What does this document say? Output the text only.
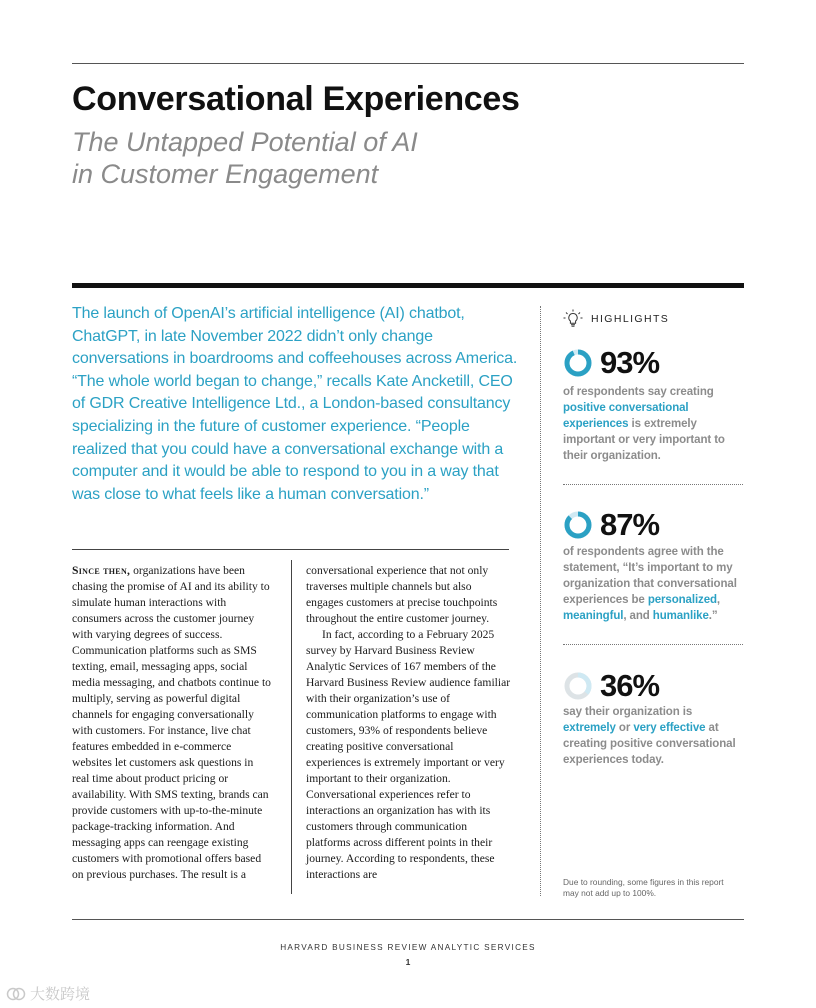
Conversational Experiences
The Untapped Potential of AI
in Customer Engagement
The launch of OpenAI’s artificial intelligence (AI) chatbot, ChatGPT, in late November 2022 didn’t only change conversations in boardrooms and coffeehouses across America. “The whole world began to change,” recalls Kate Ancketill, CEO of GDR Creative Intelligence Ltd., a London-based consultancy specializing in the future of customer experience. “People realized that you could have a conversational exchange with a computer and it would be able to respond to you in a way that was close to what feels like a human conversation.”
Since then, organizations have been chasing the promise of AI and its ability to simulate human interactions with consumers across the customer journey with varying degrees of success. Communication platforms such as SMS texting, email, messaging apps, social media messaging, and chatbots continue to multiply, serving as powerful digital channels for engaging conversationally with customers. For instance, live chat features embedded in e-commerce websites let customers ask questions in real time about product pricing or availability. With SMS texting, brands can provide customers with up-to-the-minute package-tracking information. And messaging apps can reengage existing customers with promotional offers based on previous purchases. The result is a
conversational experience that not only traverses multiple channels but also engages customers at precise touchpoints throughout the entire customer journey.
In fact, according to a February 2025 survey by Harvard Business Review Analytic Services of 167 members of the Harvard Business Review audience familiar with their organization’s use of communication platforms to engage with customers, 93% of respondents believe creating positive conversational experiences is extremely important or very important to their organization. Conversational experiences refer to interactions an organization has with its customers through communication platforms across different points in their journey. According to respondents, these interactions are
HIGHLIGHTS
93%
of respondents say creating positive conversational experiences is extremely important or very important to their organization.
87%
of respondents agree with the statement, “It’s important to my organization that conversational experiences be personalized, meaningful, and humanlike.”
36%
say their organization is extremely or very effective at creating positive conversational experiences today.
Due to rounding, some figures in this report may not add up to 100%.
HARVARD BUSINESS REVIEW ANALYTIC SERVICES
1
大数跨境
